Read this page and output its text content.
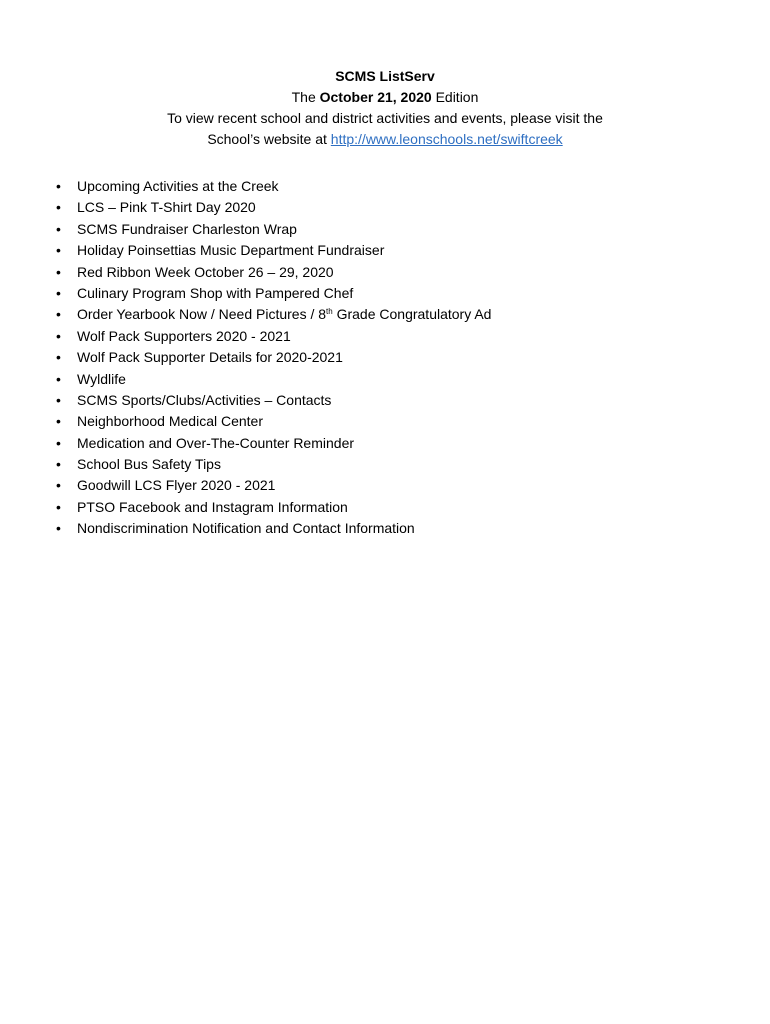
SCMS ListServ
The October 21, 2020 Edition
To view recent school and district activities and events, please visit the
School’s website at http://www.leonschools.net/swiftcreek
• Upcoming Activities at the Creek
• LCS – Pink T-Shirt Day 2020
• SCMS Fundraiser Charleston Wrap
• Holiday Poinsettias Music Department Fundraiser
• Red Ribbon Week October 26 – 29, 2020
• Culinary Program Shop with Pampered Chef
• Order Yearbook Now / Need Pictures / 8th Grade Congratulatory Ad
• Wolf Pack Supporters 2020 - 2021
• Wolf Pack Supporter Details for 2020-2021
• Wyldlife
• SCMS Sports/Clubs/Activities – Contacts
• Neighborhood Medical Center
• Medication and Over-The-Counter Reminder
• School Bus Safety Tips
• Goodwill LCS Flyer 2020 - 2021
• PTSO Facebook and Instagram Information
• Nondiscrimination Notification and Contact Information
